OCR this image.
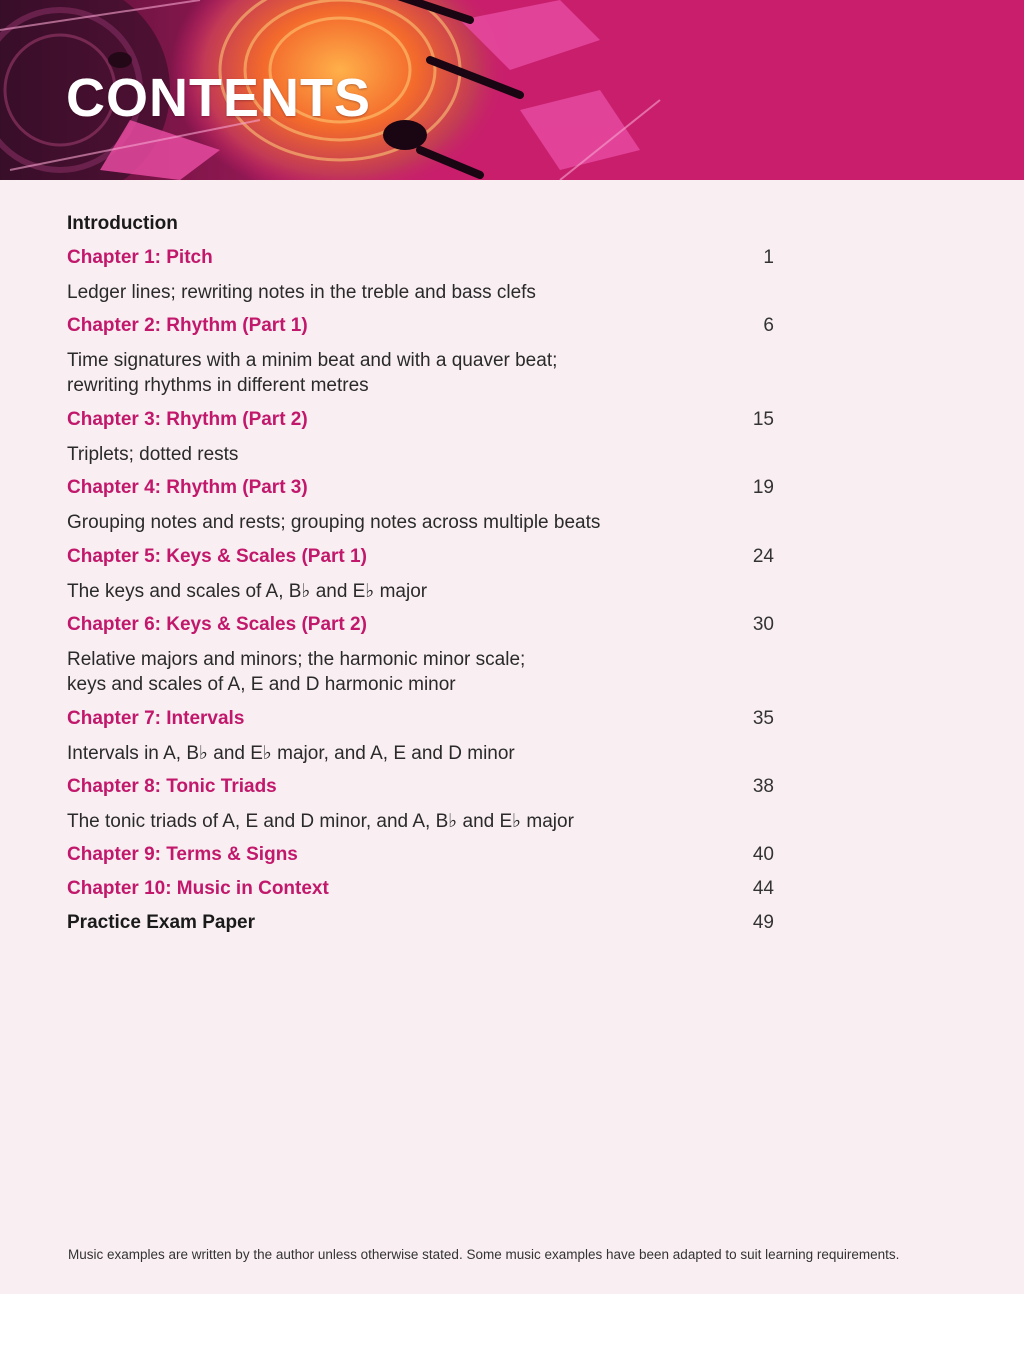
CONTENTS
Introduction
Chapter 1: Pitch	1
Ledger lines; rewriting notes in the treble and bass clefs
Chapter 2: Rhythm (Part 1)	6
Time signatures with a minim beat and with a quaver beat;
rewriting rhythms in different metres
Chapter 3: Rhythm (Part 2)	15
Triplets; dotted rests
Chapter 4: Rhythm (Part 3)	19
Grouping notes and rests; grouping notes across multiple beats
Chapter 5: Keys & Scales (Part 1)	24
The keys and scales of A, B♭ and E♭ major
Chapter 6: Keys & Scales (Part 2)	30
Relative majors and minors; the harmonic minor scale;
keys and scales of A, E and D harmonic minor
Chapter 7: Intervals	35
Intervals in A, B♭ and E♭ major, and A, E and D minor
Chapter 8: Tonic Triads	38
The tonic triads of A, E and D minor, and A, B♭ and E♭ major
Chapter 9: Terms & Signs	40
Chapter 10: Music in Context	44
Practice Exam Paper	49

Music examples are written by the author unless otherwise stated. Some music examples have been adapted to suit learning requirements.
